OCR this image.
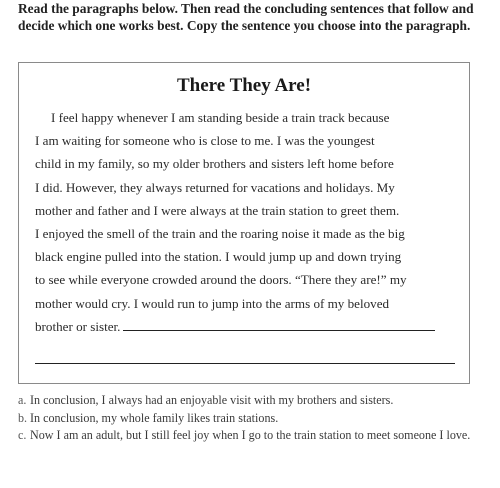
Read the paragraphs below. Then read the concluding sentences that follow and decide which one works best. Copy the sentence you choose into the paragraph.

There They Are!
I feel happy whenever I am standing beside a train track because
I am waiting for someone who is close to me. I was the youngest
child in my family, so my older brothers and sisters left home before
I did. However, they always returned for vacations and holidays. My
mother and father and I were always at the train station to greet them.
I enjoyed the smell of the train and the roaring noise it made as the big
black engine pulled into the station. I would jump up and down trying
to see while everyone crowded around the doors. “There they are!” my
mother would cry. I would run to jump into the arms of my beloved
brother or sister.
a. In conclusion, I always had an enjoyable visit with my brothers and sisters.
b. In conclusion, my whole family likes train stations.
c. Now I am an adult, but I still feel joy when I go to the train station to meet someone I love.
